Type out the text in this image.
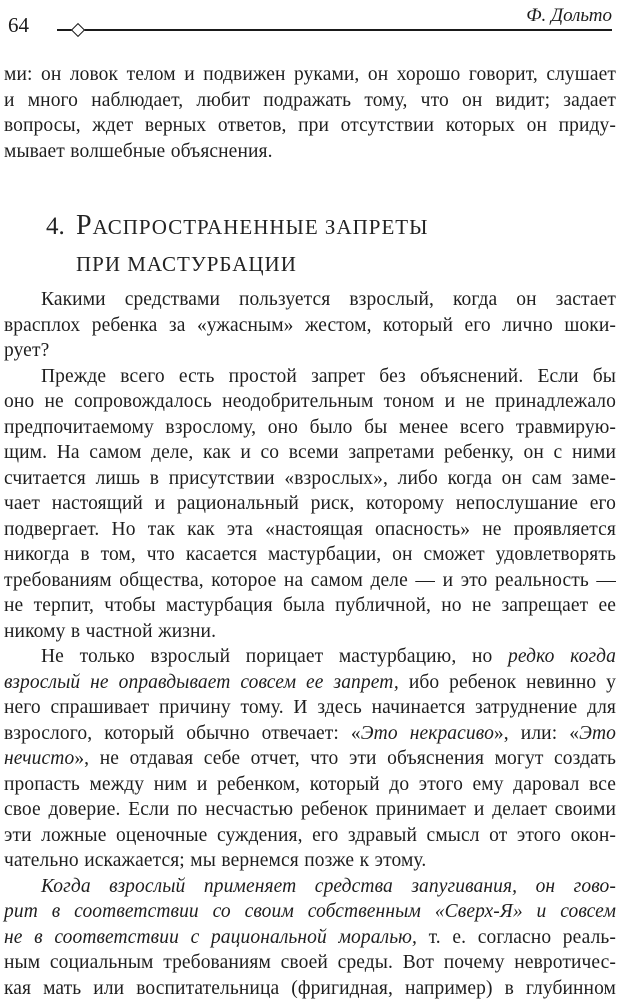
64	Ф. Дольто
ми: он ловок телом и подвижен руками, он хорошо говорит, слушает
и много наблюдает, любит подражать тому, что он видит; задает
вопросы, ждет верных ответов, при отсутствии которых он приду-
мывает волшебные объяснения.
4. РАСПРОСТРАНЕННЫЕ ЗАПРЕТЫ
ПРИ МАСТУРБАЦИИ
Какими средствами пользуется взрослый, когда он застает
врасплох ребенка за «ужасным» жестом, который его лично шоки-
рует?
Прежде всего есть простой запрет без объяснений. Если бы
оно не сопровождалось неодобрительным тоном и не принадлежало
предпочитаемому взрослому, оно было бы менее всего травмирую-
щим. На самом деле, как и со всеми запретами ребенку, он с ними
считается лишь в присутствии «взрослых», либо когда он сам заме-
чает настоящий и рациональный риск, которому непослушание его
подвергает. Но так как эта «настоящая опасность» не проявляется
никогда в том, что касается мастурбации, он сможет удовлетворять
требованиям общества, которое на самом деле — и это реальность —
не терпит, чтобы мастурбация была публичной, но не запрещает ее
никому в частной жизни.
Не только взрослый порицает мастурбацию, но редко когда
взрослый не оправдывает совсем ее запрет, ибо ребенок невинно у
него спрашивает причину тому. И здесь начинается затруднение для
взрослого, который обычно отвечает: «Это некрасиво», или: «Это
нечисто», не отдавая себе отчет, что эти объяснения могут создать
пропасть между ним и ребенком, который до этого ему даровал все
свое доверие. Если по несчастью ребенок принимает и делает своими
эти ложные оценочные суждения, его здравый смысл от этого окон-
чательно искажается; мы вернемся позже к этому.
Когда взрослый применяет средства запугивания, он гово-
рит в соответствии со своим собственным «Сверх-Я» и совсем
не в соответствии с рациональной моралью, т. е. согласно реаль-
ным социальным требованиям своей среды. Вот почему невротичес-
кая мать или воспитательница (фригидная, например) в глубинном
